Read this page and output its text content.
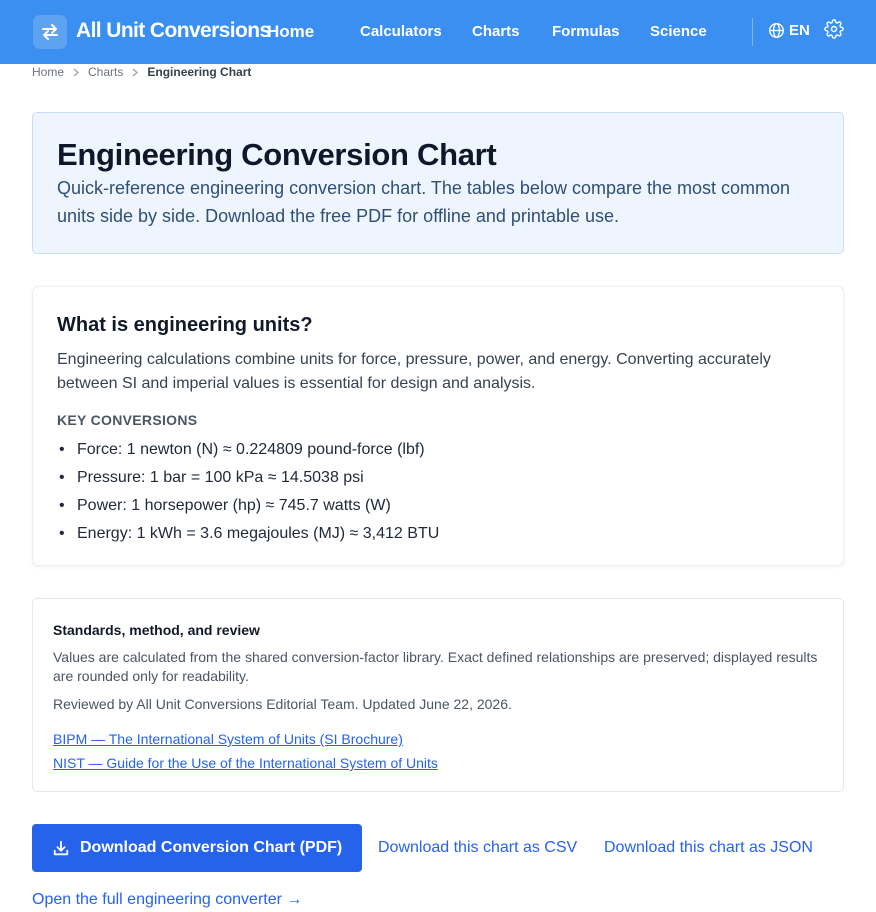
All Unit Conversions
Home	Calculators Charts Formulas Science	EN
Home Charts Engineering Chart
Engineering Conversion Chart

Quick-reference engineering conversion chart. The tables below compare the most common units side by side. Download the free PDF for offline and printable use.

What is engineering units?

Engineering calculations combine units for force, pressure, power, and energy. Converting accurately between SI and imperial values is essential for design and analysis.

KEY CONVERSIONS
• Force: 1 newton (N) ≈ 0.224809 pound-force (lbf)
• Pressure: 1 bar = 100 kPa ≈ 14.5038 psi
• Power: 1 horsepower (hp) ≈ 745.7 watts (W)
• Energy: 1 kWh = 3.6 megajoules (MJ) ≈ 3,412 BTU
Standards, method, and review

Values are calculated from the shared conversion-factor library. Exact defined relationships are preserved; displayed results are rounded only for readability.

Reviewed by All Unit Conversions Editorial Team. Updated June 22, 2026.

BIPM — The International System of Units (SI Brochure)
NIST — Guide for the Use of the International System of Units
Download Conversion Chart (PDF) Download this chart as CSV Download this chart as JSON
Open the full engineering converter →
